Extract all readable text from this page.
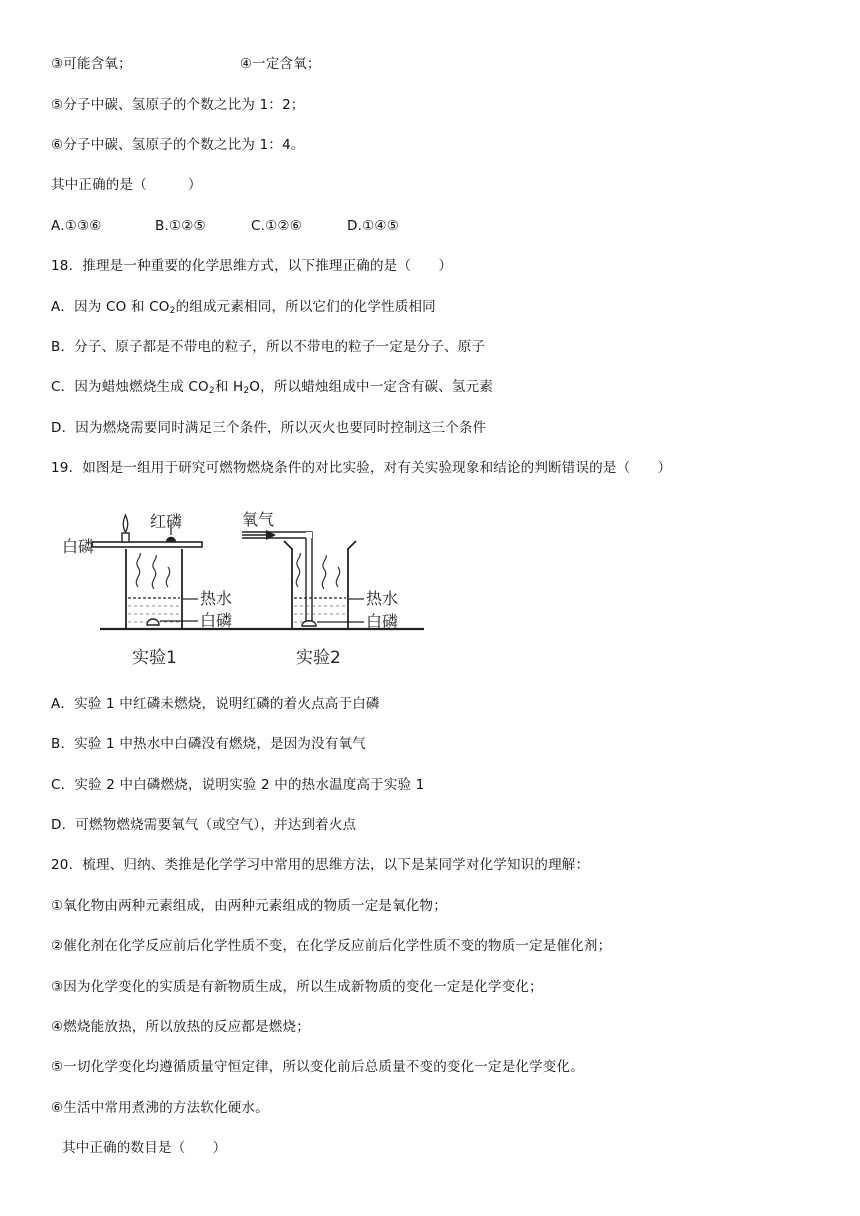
③可能含氧；	④一定含氧；
⑤分子中碳、氢原子的个数之比为 1：2；
⑥分子中碳、氢原子的个数之比为 1：4。
其中正确的是（　　　）
A.①③⑥	B.①②⑤	C.①②⑥	D.①④⑤
18．推理是一种重要的化学思维方式，以下推理正确的是（　　）
A．因为 CO 和 $CO_2$的组成元素相同，所以它们的化学性质相同
B．分子、原子都是不带电的粒子，所以不带电的粒子一定是分子、原子
C．因为蜡烛燃烧生成 $CO_2$和 $H_2O$，所以蜡烛组成中一定含有碳、氢元素
D．因为燃烧需要同时满足三个条件，所以灭火也要同时控制这三个条件
19．如图是一组用于研究可燃物燃烧条件的对比实验，对有关实验现象和结论的判断错误的是（　　）
红磷
白磷
热水
白磷
实验1
氧气
热水
白磷
实验2
A．实验 1 中红磷未燃烧，说明红磷的着火点高于白磷
B．实验 1 中热水中白磷没有燃烧，是因为没有氧气
C．实验 2 中白磷燃烧，说明实验 2 中的热水温度高于实验 1
D．可燃物燃烧需要氧气（或空气），并达到着火点
20．梳理、归纳、类推是化学学习中常用的思维方法，以下是某同学对化学知识的理解：
①氧化物由两种元素组成，由两种元素组成的物质一定是氧化物；
②催化剂在化学反应前后化学性质不变，在化学反应前后化学性质不变的物质一定是催化剂；
③因为化学变化的实质是有新物质生成，所以生成新物质的变化一定是化学变化；
④燃烧能放热，所以放热的反应都是燃烧；
⑤一切化学变化均遵循质量守恒定律，所以变化前后总质量不变的变化一定是化学变化。
⑥生活中常用煮沸的方法软化硬水。
其中正确的数目是（　　）
